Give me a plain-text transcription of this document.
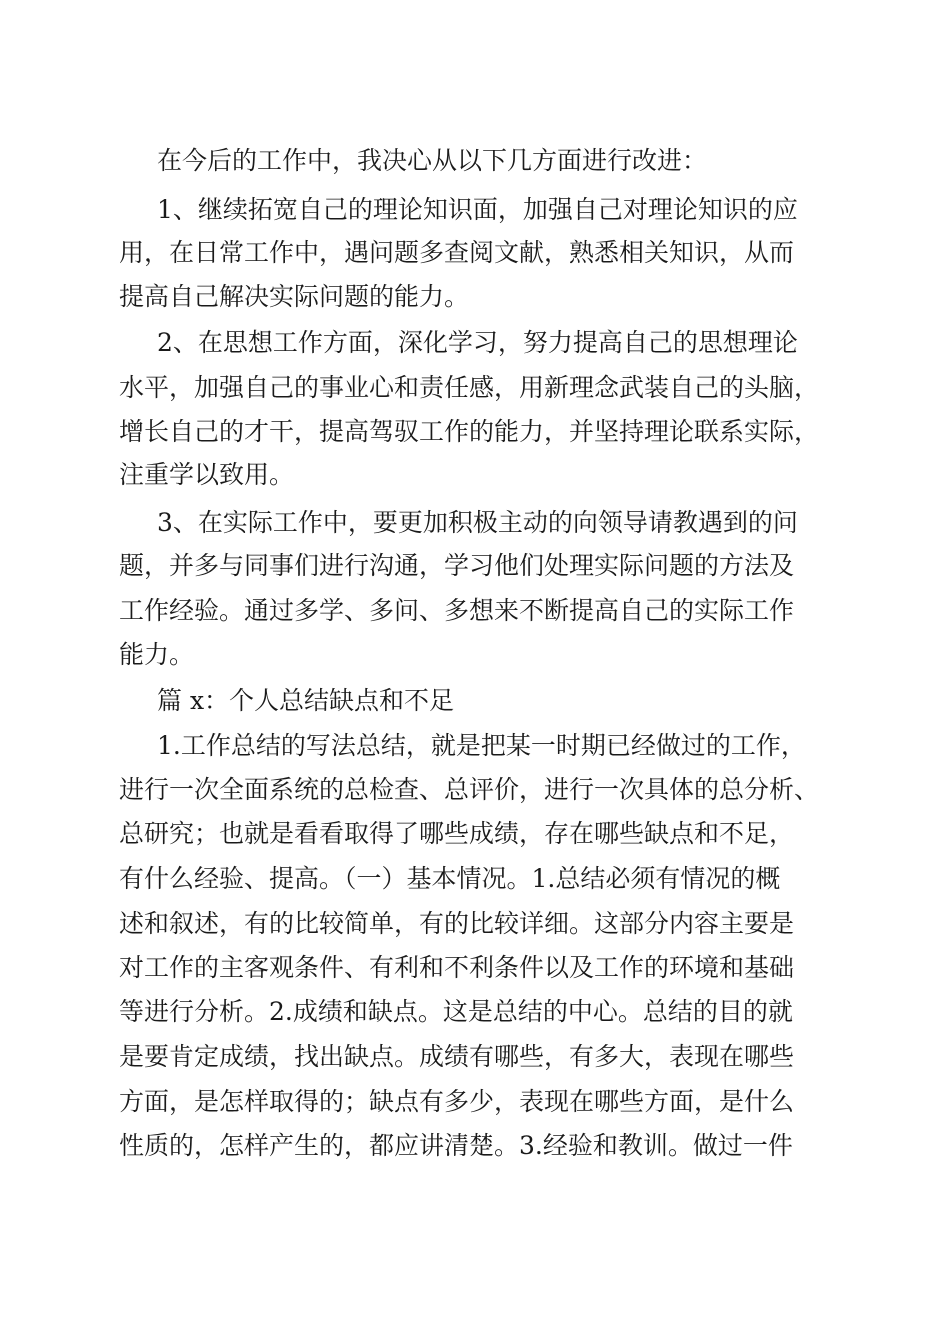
在今后的工作中，我决心从以下几方面进行改进：

1、继续拓宽自己的理论知识面，加强自己对理论知识的应

用，在日常工作中，遇问题多查阅文献，熟悉相关知识，从而

提高自己解决实际问题的能力。

2、在思想工作方面，深化学习，努力提高自己的思想理论

水平，加强自己的事业心和责任感，用新理念武装自己的头脑，

增长自己的才干，提高驾驭工作的能力，并坚持理论联系实际，

注重学以致用。

3、在实际工作中，要更加积极主动的向领导请教遇到的问

题，并多与同事们进行沟通，学习他们处理实际问题的方法及

工作经验。通过多学、多问、多想来不断提高自己的实际工作

能力。

篇 x：个人总结缺点和不足

1.工作总结的写法总结，就是把某一时期已经做过的工作，

进行一次全面系统的总检查、总评价，进行一次具体的总分析、

总研究；也就是看看取得了哪些成绩，存在哪些缺点和不足，

有什么经验、提高。（一）基本情况。1.总结必须有情况的概

述和叙述，有的比较简单，有的比较详细。这部分内容主要是

对工作的主客观条件、有利和不利条件以及工作的环境和基础

等进行分析。2.成绩和缺点。这是总结的中心。总结的目的就

是要肯定成绩，找出缺点。成绩有哪些，有多大，表现在哪些

方面，是怎样取得的；缺点有多少，表现在哪些方面，是什么

性质的，怎样产生的，都应讲清楚。3.经验和教训。做过一件
